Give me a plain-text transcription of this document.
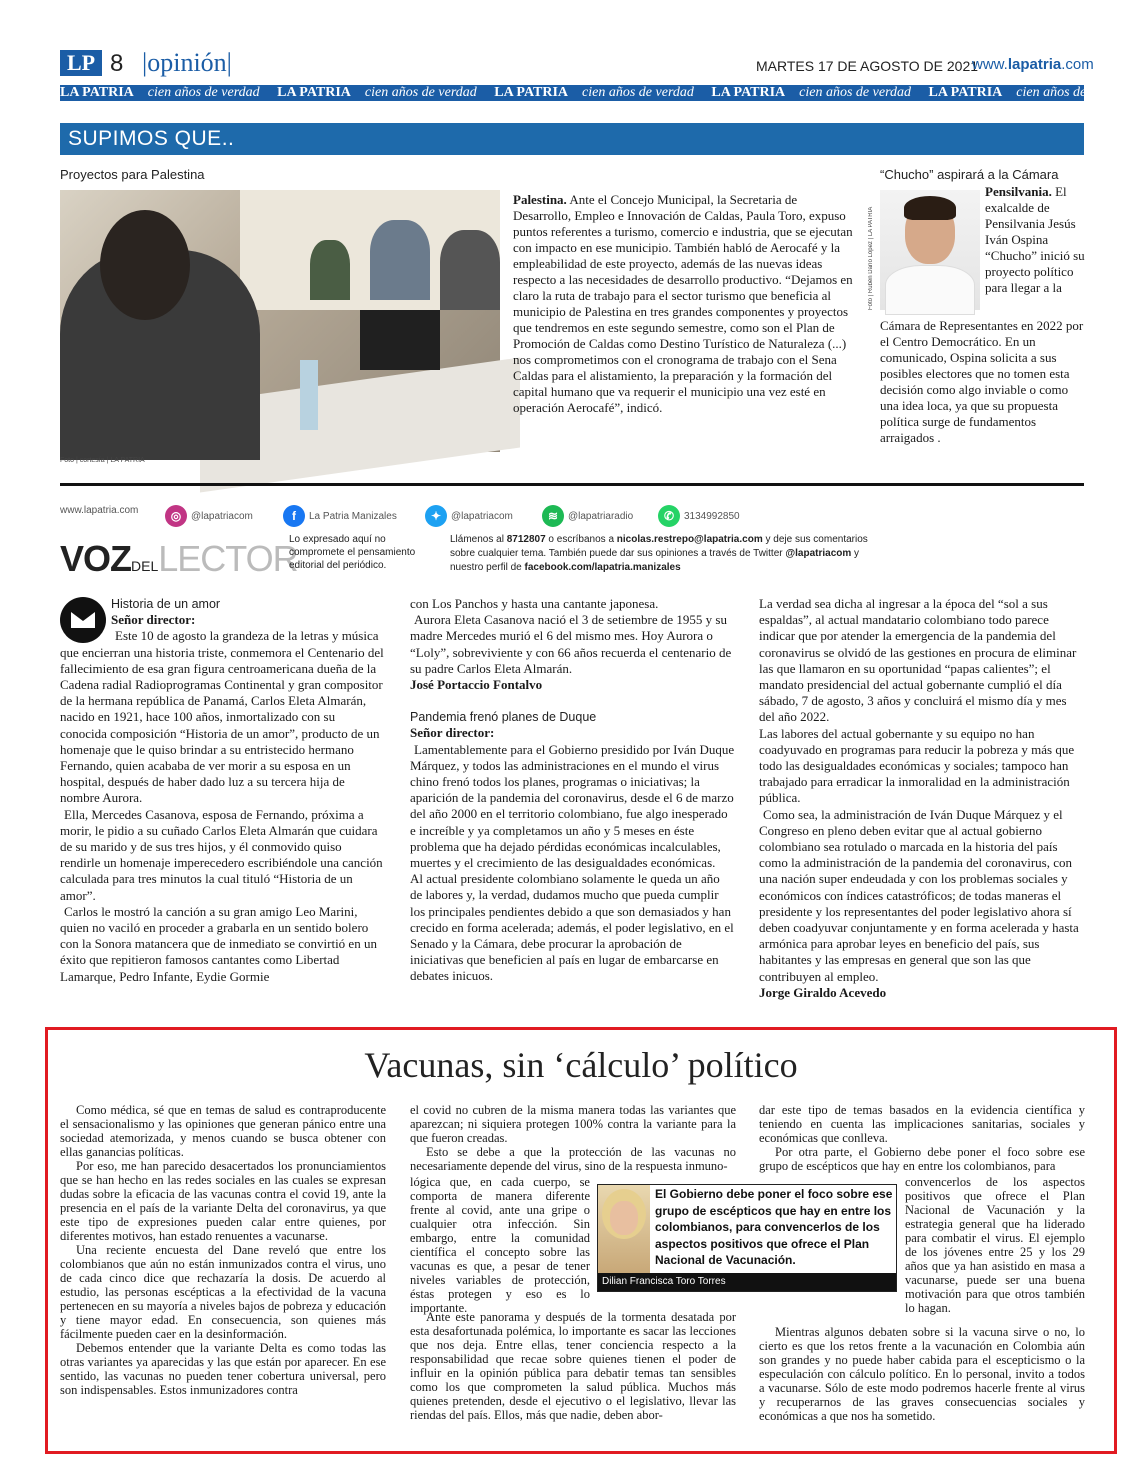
LP 8 |opinión|	MARTES 17 DE AGOSTO DE 2021
www.lapatria.com
LA PATRIA cien años de verdad LA PATRIA cien años de verdad LA PATRIA cien años de verdad LA PATRIA cien años de verdad LA PATRIA cien años de verdad
SUPIMOS QUE..
Proyectos para Palestina
Foto | cortesía | LA PATRIA
Palestina. Ante el Concejo Municipal, la Secretaria de Desarrollo, Empleo e Innovación de Caldas, Paula Toro, expuso puntos referentes a turismo, comercio e industria, que se ejecutan con impacto en ese municipio. También habló de Aerocafé y la empleabilidad de este proyecto, además de las nuevas ideas respecto a las necesidades de desarrollo productivo. “Dejamos en claro la ruta de trabajo para el sector turismo que beneficia al municipio de Palestina en tres grandes componentes y proyectos que tendremos en este segundo semestre, como son el Plan de Promoción de Caldas como Destino Turístico de Naturaleza (...) nos comprometimos con el cronograma de trabajo con el Sena Caldas para el alistamiento, la preparación y la formación del capital humano que va requerir el municipio una vez esté en operación Aerocafé”, indicó.
“Chucho” aspirará a la Cámara
Foto | Rubén Darío López | LA PATRIA
Pensilvania. El exalcalde de Pensilvania Jesús Iván Ospina “Chucho” inició su proyecto político para llegar a la
Cámara de Representantes en 2022 por el Centro Democrático. En un comunicado, Ospina solicita a sus posibles electores que no tomen esta decisión como algo inviable o como una idea loca, ya que su propuesta política surge de fundamentos arraigados .
www.lapatria.com	◎ @lapatriacom	f	La Patria Manizales	✦ @lapatriacom	≋ @lapatriaradio	✆ 3134992850
VOZDELLECTOR
Lo expresado aquí no compromete el pensamiento editorial del periódico.
Llámenos al 8712807 o escríbanos a nicolas.restrepo@lapatria.com y deje sus comentarios sobre cualquier tema. También puede dar sus opiniones a través de Twitter @lapatriacom y nuestro perfil de facebook.com/lapatria.manizales
Historia de un amor
Señor director:

Este 10 de agosto la grandeza de la letras y música que encierran una historia triste, conmemora el Centenario del fallecimiento de esa gran figura centroamericana dueña de la Cadena radial Radioprogramas Continental y gran compositor de la hermana república de Panamá, Carlos Eleta Almarán, nacido en 1921, hace 100 años, inmortalizado con su conocida composición “Historia de un amor”, producto de un homenaje que le quiso brindar a su entristecido hermano Fernando, quien acababa de ver morir a su esposa en un hospital, después de haber dado luz a su tercera hija de nombre Aurora.

Ella, Mercedes Casanova, esposa de Fernando, próxima a morir, le pidio a su cuñado Carlos Eleta Almarán que cuidara de su marido y de sus tres hijos, y él conmovido quiso rendirle un homenaje imperecedero escribiéndole una canción calculada para tres minutos la cual tituló “Historia de un amor”.

Carlos le mostró la canción a su gran amigo Leo Marini, quien no vaciló en proceder a grabarla en un sentido bolero con la Sonora matancera que de inmediato se convirtió en un éxito que repitieron famosos cantantes como Libertad Lamarque, Pedro Infante, Eydie Gormie

con Los Panchos y hasta una cantante japonesa.

Aurora Eleta Casanova nació el 3 de setiembre de 1955 y su madre Mercedes murió el 6 del mismo mes. Hoy Aurora o “Loly”, sobreviviente y con 66 años recuerda el centenario de su padre Carlos Eleta Almarán.

José Portaccio Fontalvo
Pandemia frenó planes de Duque
Señor director:

Lamentablemente para el Gobierno presidido por Iván Duque Márquez, y todos las administraciones en el mundo el virus chino frenó todos los planes, programas o iniciativas; la aparición de la pandemia del coronavirus, desde el 6 de marzo del año 2000 en el territorio colombiano, fue algo inesperado e increíble y ya completamos un año y 5 meses en éste problema que ha dejado pérdidas económicas incalculables, muertes y el crecimiento de las desigualdades económicas.

Al actual presidente colombiano solamente le queda un año de labores y, la verdad, dudamos mucho que pueda cumplir los principales pendientes debido a que son demasiados y han crecido en forma acelerada; además, el poder legislativo, en el Senado y la Cámara, debe procurar la aprobación de iniciativas que beneficien al país en lugar de embarcarse en debates inicuos.

La verdad sea dicha al ingresar a la época del “sol a sus espaldas”, al actual mandatario colombiano todo parece indicar que por atender la emergencia de la pandemia del coronavirus se olvidó de las gestiones en procura de eliminar las que llamaron en su oportunidad “papas calientes”; el mandato presidencial del actual gobernante cumplió el día sábado, 7 de agosto, 3 años y concluirá el mismo día y mes del año 2022.

Las labores del actual gobernante y su equipo no han coadyuvado en programas para reducir la pobreza y más que todo las desigualdades económicas y sociales; tampoco han trabajado para erradicar la inmoralidad en la administración pública.

Como sea, la administración de Iván Duque Márquez y el Congreso en pleno deben evitar que al actual gobierno colombiano sea rotulado o marcada en la historia del país como la administración de la pandemia del coronavirus, con una nación super endeudada y con los problemas sociales y económicos con índices catastróficos; de todas maneras el presidente y los representantes del poder legislativo ahora sí deben coadyuvar conjuntamente y en forma acelerada y hasta armónica para aprobar leyes en beneficio del país, sus habitantes y las empresas en general que son las que contribuyen al empleo.

Jorge Giraldo Acevedo
Vacunas, sin ‘cálculo’ político

Como médica, sé que en temas de salud es contraproducente el sensacionalismo y las opiniones que generan pánico entre una sociedad atemorizada, y menos cuando se busca obtener con ellas ganancias políticas.

Por eso, me han parecido desacertados los pronunciamientos que se han hecho en las redes sociales en las cuales se expresan dudas sobre la eficacia de las vacunas contra el covid 19, ante la presencia en el país de la variante Delta del coronavirus, ya que este tipo de expresiones pueden calar entre quienes, por diferentes motivos, han estado renuentes a vacunarse.

Una reciente encuesta del Dane reveló que entre los colombianos que aún no están inmunizados contra el virus, uno de cada cinco dice que rechazaría la dosis. De acuerdo al estudio, las personas escépticas a la efectividad de la vacuna pertenecen en su mayoría a niveles bajos de pobreza y educación y tiene mayor edad. En consecuencia, son quienes más fácilmente pueden caer en la desinformación.

Debemos entender que la variante Delta es como todas las otras variantes ya aparecidas y las que están por aparecer. En ese sentido, las vacunas no pueden tener cobertura universal, pero son indispensables. Estos inmunizadores contra

el covid no cubren de la misma manera todas las variantes que aparezcan; ni siquiera protegen 100% contra la variante para la que fueron creadas.

Esto se debe a que la protección de las vacunas no necesariamente depende del virus, sino de la respuesta inmuno-

lógica que, en cada cuerpo, se comporta de manera diferente frente al covid, ante una gripe o cualquier otra infección. Sin embargo, entre la comunidad científica el concepto sobre las vacunas es que, a pesar de tener niveles variables de protección, éstas protegen y eso es lo importante.

Ante este panorama y después de la tormenta desatada por esta desafortunada polémica, lo importante es sacar las lecciones que nos deja. Entre ellas, tener conciencia respecto a la responsabilidad que recae sobre quienes tienen el poder de influir en la opinión pública para debatir temas tan sensibles como los que comprometen la salud pública. Muchos más quienes pretenden, desde el ejecutivo o el legislativo, llevar las riendas del país. Ellos, más que nadie, deben abor-

dar este tipo de temas basados en la evidencia científica y teniendo en cuenta las implicaciones sanitarias, sociales y económicas que conlleva.

Por otra parte, el Gobierno debe poner el foco sobre ese grupo de escépticos que hay en entre los colombianos, para

convencerlos de los aspectos positivos que ofrece el Plan Nacional de Vacunación y la estrategia general que ha liderado para combatir el virus. El ejemplo de los jóvenes entre 25 y los 29 años que ya han asistido en masa a vacunarse, puede ser una buena motivación para que otros también lo hagan.

Mientras algunos debaten sobre si la vacuna sirve o no, lo cierto es que los retos frente a la vacunación en Colombia aún son grandes y no puede haber cabida para el escepticismo o la especulación con cálculo político. En lo personal, invito a todos a vacunarse. Sólo de este modo podremos hacerle frente al virus y recuperarnos de las graves consecuencias sociales y económicas a que nos ha sometido.

El Gobierno debe poner el foco sobre ese grupo de escépticos que hay en entre los colombianos, para convencerlos de los aspectos positivos que ofrece el Plan Nacional de Vacunación.
Dilian Francisca Toro Torres
